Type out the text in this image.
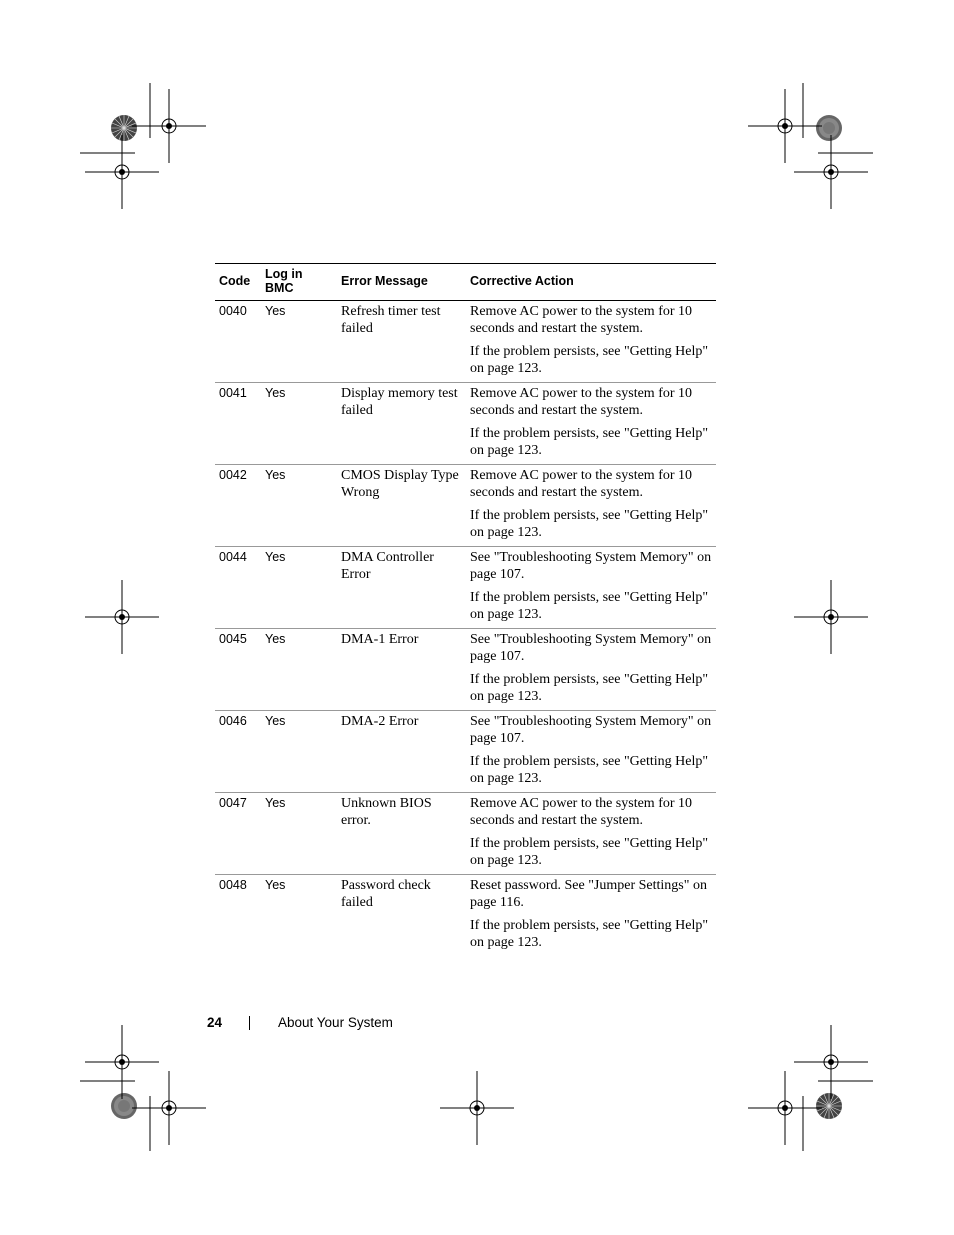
Code	Log in BMC	Error Message	Corrective Action
0040	Yes	Refresh timer test failed	Remove AC power to the system for 10 seconds and restart the system.

If the problem persists, see "Getting Help" on page 123.

0041	Yes	Display memory test failed	Remove AC power to the system for 10 seconds and restart the system.

If the problem persists, see "Getting Help" on page 123.

0042	Yes	CMOS Display Type Wrong	Remove AC power to the system for 10 seconds and restart the system.

If the problem persists, see "Getting Help" on page 123.

0044	Yes	DMA Controller Error	See "Troubleshooting System Memory" on page 107.

If the problem persists, see "Getting Help" on page 123.

0045	Yes	DMA-1 Error	See "Troubleshooting System Memory" on page 107.

If the problem persists, see "Getting Help" on page 123.

0046	Yes	DMA-2 Error	See "Troubleshooting System Memory" on page 107.

If the problem persists, see "Getting Help" on page 123.

0047	Yes	Unknown BIOS error.	Remove AC power to the system for 10 seconds and restart the system.

If the problem persists, see "Getting Help" on page 123.

0048	Yes	Password check failed	Reset password. See "Jumper Settings" on page 116.

If the problem persists, see "Getting Help" on page 123.

24	About Your System
